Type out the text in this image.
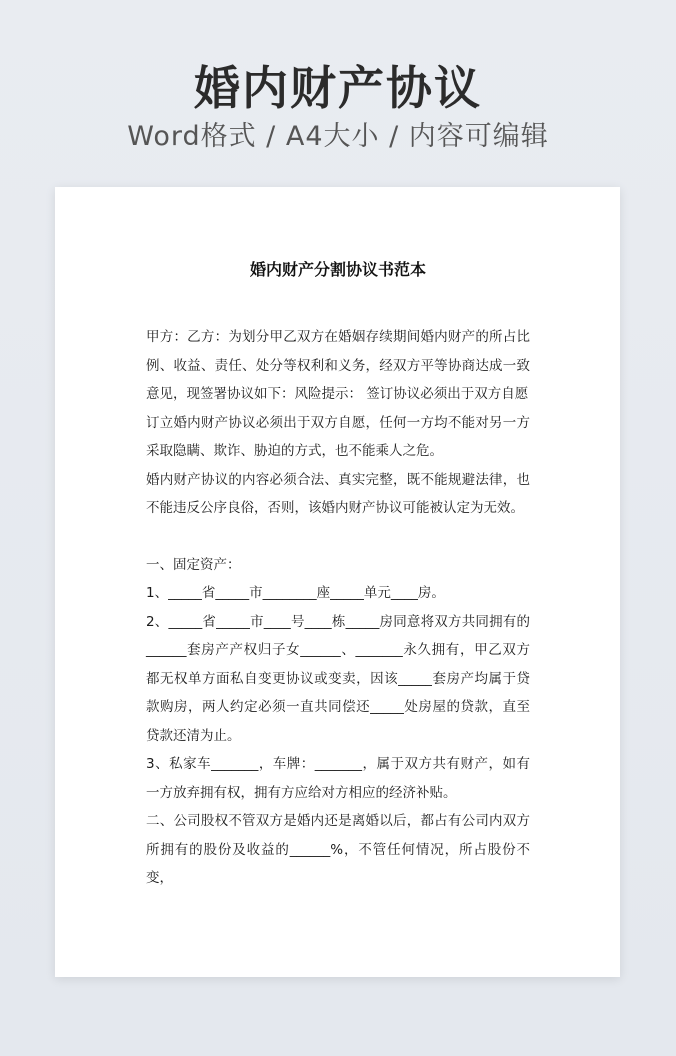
婚内财产协议
Word格式 / A4大小 / 内容可编辑
婚内财产分割协议书范本

甲方：乙方：为划分甲乙双方在婚姻存续期间婚内财产的所占比例、收益、责任、处分等权利和义务，经双方平等协商达成一致意见，现签署协议如下：风险提示： 签订协议必须出于双方自愿

订立婚内财产协议必须出于双方自愿，任何一方均不能对另一方采取隐瞒、欺诈、胁迫的方式，也不能乘人之危。

婚内财产协议的内容必须合法、真实完整，既不能规避法律，也不能违反公序良俗，否则，该婚内财产协议可能被认定为无效。

一、固定资产：

1、_____省_____市________座_____单元____房。

2、_____省_____市____号____栋_____房同意将双方共同拥有的______套房产产权归子女______、_______永久拥有，甲乙双方都无权单方面私自变更协议或变卖，因该_____套房产均属于贷款购房，两人约定必须一直共同偿还_____处房屋的贷款，直至贷款还清为止。

3、私家车_______，车牌：_______，属于双方共有财产，如有一方放弃拥有权，拥有方应给对方相应的经济补贴。

二、公司股权不管双方是婚内还是离婚以后，都占有公司内双方所拥有的股份及收益的______%，不管任何情况，所占股份不变，
